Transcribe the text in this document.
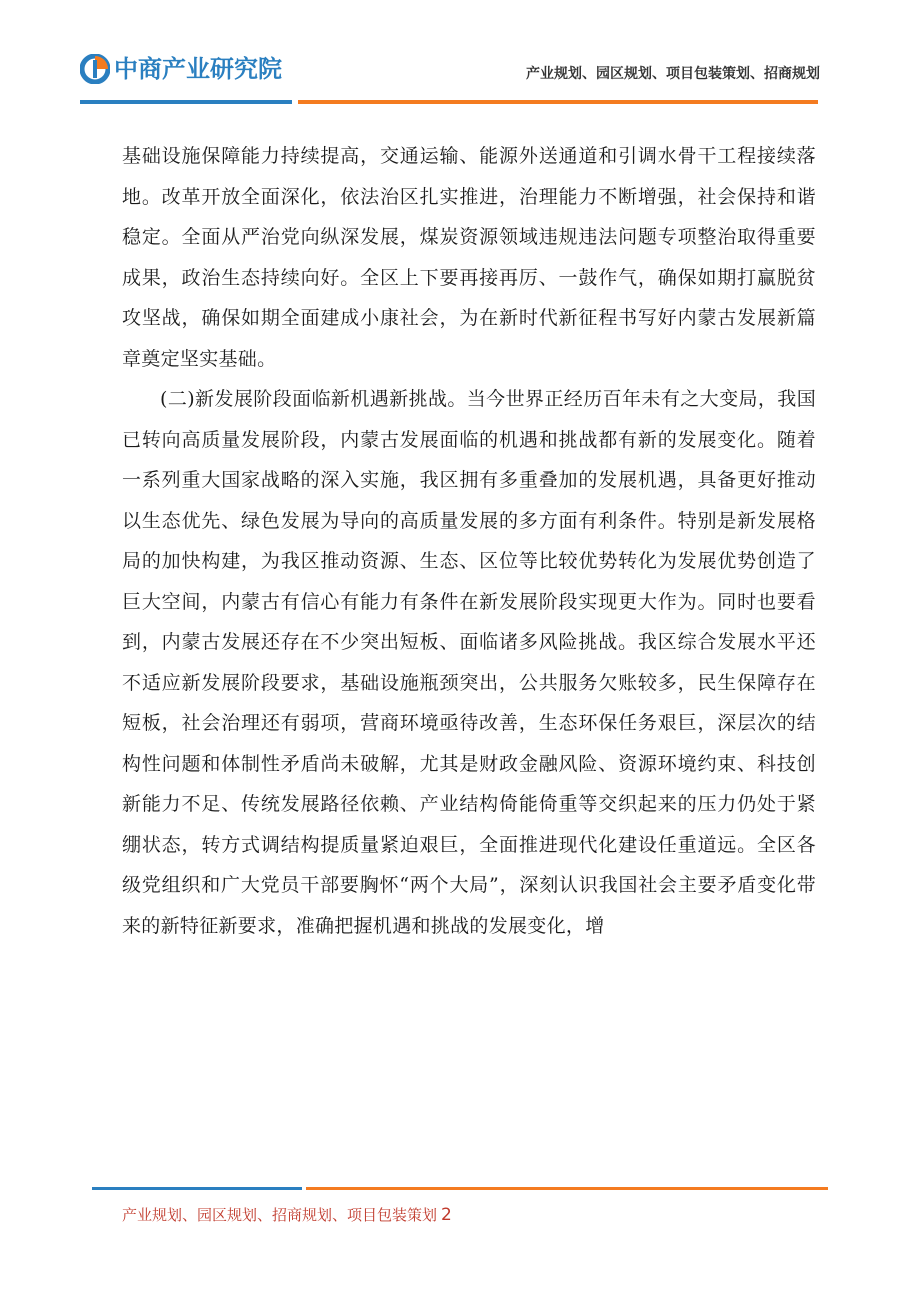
中商产业研究院	产业规划、园区规划、项目包装策划、招商规划

基础设施保障能力持续提高，交通运输、能源外送通道和引调水骨干工程接续落地。改革开放全面深化，依法治区扎实推进，治理能力不断增强，社会保持和谐稳定。全面从严治党向纵深发展，煤炭资源领域违规违法问题专项整治取得重要成果，政治生态持续向好。全区上下要再接再厉、一鼓作气，确保如期打赢脱贫攻坚战，确保如期全面建成小康社会，为在新时代新征程书写好内蒙古发展新篇章奠定坚实基础。

(二)新发展阶段面临新机遇新挑战。当今世界正经历百年未有之大变局，我国已转向高质量发展阶段，内蒙古发展面临的机遇和挑战都有新的发展变化。随着一系列重大国家战略的深入实施，我区拥有多重叠加的发展机遇，具备更好推动以生态优先、绿色发展为导向的高质量发展的多方面有利条件。特别是新发展格局的加快构建，为我区推动资源、生态、区位等比较优势转化为发展优势创造了巨大空间，内蒙古有信心有能力有条件在新发展阶段实现更大作为。同时也要看到，内蒙古发展还存在不少突出短板、面临诸多风险挑战。我区综合发展水平还不适应新发展阶段要求，基础设施瓶颈突出，公共服务欠账较多，民生保障存在短板，社会治理还有弱项，营商环境亟待改善，生态环保任务艰巨，深层次的结构性问题和体制性矛盾尚未破解，尤其是财政金融风险、资源环境约束、科技创新能力不足、传统发展路径依赖、产业结构倚能倚重等交织起来的压力仍处于紧绷状态，转方式调结构提质量紧迫艰巨，全面推进现代化建设任重道远。全区各级党组织和广大党员干部要胸怀“两个大局”，深刻认识我国社会主要矛盾变化带来的新特征新要求，准确把握机遇和挑战的发展变化，增

产业规划、园区规划、招商规划、项目包装策划 2
